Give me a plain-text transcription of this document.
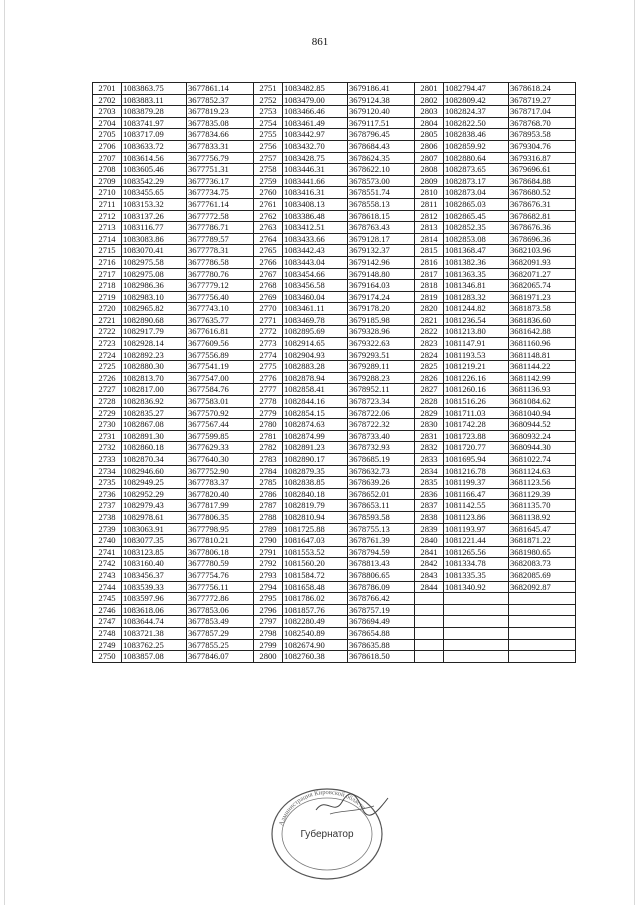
861
2701	1083863.75	3677861.14	2751	1083482.85	3679186.41	2801	1082794.47	3678618.24
2702	1083883.11	3677852.37	2752	1083479.00	3679124.38	2802	1082809.42	3678719.27
2703	1083879.28	3677819.23	2753	1083466.46	3679120.40	2803	1082824.37	3678717.04
2704	1083741.97	3677835.08	2754	1083461.49	3679117.51	2804	1082822.50	3678768.70
2705	1083717.09	3677834.66	2755	1083442.97	3678796.45	2805	1082838.46	3678953.58
2706	1083633.72	3677833.31	2756	1083432.70	3678684.43	2806	1082859.92	3679304.76
2707	1083614.56	3677756.79	2757	1083428.75	3678624.35	2807	1082880.64	3679316.87
2708	1083605.46	3677751.31	2758	1083446.31	3678622.10	2808	1082873.65	3679696.61
2709	1083542.29	3677736.17	2759	1083441.66	3678573.00	2809	1082873.17	3678684.88
2710	1083455.65	3677734.75	2760	1083416.31	3678551.74	2810	1082873.04	3678680.52
2711	1083153.32	3677761.14	2761	1083408.13	3678558.13	2811	1082865.03	3678676.31
2712	1083137.26	3677772.58	2762	1083386.48	3678618.15	2812	1082865.45	3678682.81
2713	1083116.77	3677786.71	2763	1083412.51	3678763.43	2813	1082852.35	3678676.36
2714	1083083.86	3677789.57	2764	1083433.66	3679128.17	2814	1082853.08	3678696.36
2715	1083070.41	3677778.31	2765	1083442.43	3679132.37	2815	1081368.47	3682103.96
2716	1082975.58	3677786.58	2766	1083443.04	3679142.96	2816	1081382.36	3682091.93
2717	1082975.08	3677780.76	2767	1083454.66	3679148.80	2817	1081363.35	3682071.27
2718	1082986.36	3677779.12	2768	1083456.58	3679164.03	2818	1081346.81	3682065.74
2719	1082983.10	3677756.40	2769	1083460.04	3679174.24	2819	1081283.32	3681971.23
2720	1082965.82	3677743.10	2770	1083461.11	3679178.20	2820	1081244.82	3681873.58
2721	1082890.68	3677635.77	2771	1083469.78	3679185.98	2821	1081236.54	3681836.60
2722	1082917.79	3677616.81	2772	1082895.69	3679328.96	2822	1081213.80	3681642.88
2723	1082928.14	3677609.56	2773	1082914.65	3679322.63	2823	1081147.91	3681160.96
2724	1082892.23	3677556.89	2774	1082904.93	3679293.51	2824	1081193.53	3681148.81
2725	1082880.30	3677541.19	2775	1082883.28	3679289.11	2825	1081219.21	3681144.22
2726	1082813.70	3677547.00	2776	1082878.94	3679288.23	2826	1081226.16	3681142.99
2727	1082817.00	3677584.76	2777	1082858.41	3678952.11	2827	1081260.16	3681136.93
2728	1082836.92	3677583.01	2778	1082844.16	3678723.34	2828	1081516.26	3681084.62
2729	1082835.27	3677570.92	2779	1082854.15	3678722.06	2829	1081711.03	3681040.94
2730	1082867.08	3677567.44	2780	1082874.63	3678722.32	2830	1081742.28	3680944.52
2731	1082891.30	3677599.85	2781	1082874.99	3678733.40	2831	1081723.88	3680932.24
2732	1082860.18	3677629.33	2782	1082891.23	3678732.93	2832	1081720.77	3680944.30
2733	1082870.34	3677640.30	2783	1082890.17	3678685.19	2833	1081695.94	3681022.74
2734	1082946.60	3677752.90	2784	1082879.35	3678632.73	2834	1081216.78	3681124.63
2735	1082949.25	3677783.37	2785	1082838.85	3678639.26	2835	1081199.37	3681123.56
2736	1082952.29	3677820.40	2786	1082840.18	3678652.01	2836	1081166.47	3681129.39
2737	1082979.43	3677817.99	2787	1082819.79	3678653.11	2837	1081142.55	3681135.70
2738	1082978.61	3677806.35	2788	1082810.94	3678593.58	2838	1081123.86	3681138.92
2739	1083063.91	3677798.95	2789	1081725.88	3678755.13	2839	1081193.97	3681645.47
2740	1083077.35	3677810.21	2790	1081647.03	3678761.39	2840	1081221.44	3681871.22
2741	1083123.85	3677806.18	2791	1081553.52	3678794.59	2841	1081265.56	3681980.65
2742	1083160.40	3677780.59	2792	1081560.20	3678813.43	2842	1081334.78	3682083.73
2743	1083456.37	3677754.76	2793	1081584.72	3678806.65	2843	1081335.35	3682085.69
2744	1083539.33	3677756.11	2794	1081658.48	3678786.09	2844	1081340.92	3682092.87
2745	1083597.96	3677772.86	2795	1081786.02	3678766.42			
2746	1083618.06	3677853.06	2796	1081857.76	3678757.19			
2747	1083644.74	3677853.49	2797	1082280.49	3678694.49			
2748	1083721.38	3677857.29	2798	1082540.89	3678654.88			
2749	1083762.25	3677855.25	2799	1082674.90	3678635.88			
2750	1083857.08	3677846.07	2800	1082760.38	3678618.50			
Администрация Кировской области
Губернатор
